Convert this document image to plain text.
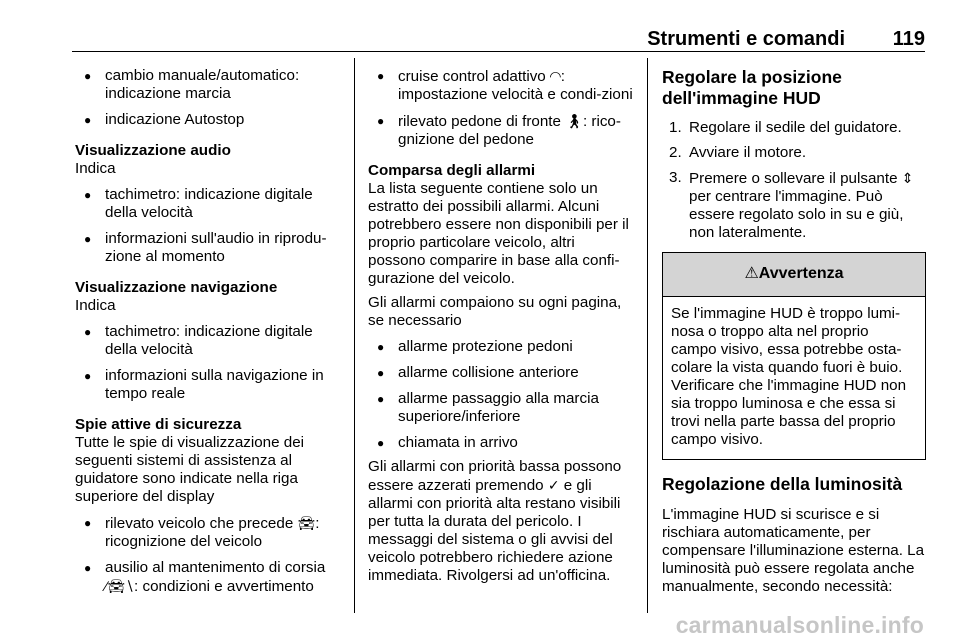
Strumenti e comandi 119
● cambio manuale/automatico: indicazione marcia
● indicazione Autostop
Visualizzazione audio
Indica
● tachimetro: indicazione digitale della velocità
● informazioni sull'audio in riprodu-zione al momento
Visualizzazione navigazione
Indica
● tachimetro: indicazione digitale della velocità
● informazioni sulla navigazione in tempo reale
Spie attive di sicurezza
Tutte le spie di visualizzazione dei seguenti sistemi di assistenza al guidatore sono indicate nella riga superiore del display
● rilevato veicolo che precede 🚘︎: ricognizione del veicolo
● ausilio al mantenimento di corsia ∕🚘︎∖: condizioni e avvertimento
● cruise control adattivo ◜◝: impostazione velocità e condi-zioni
● rilevato pedone di fronte 🚶︎: rico-gnizione del pedone
Comparsa degli allarmi
La lista seguente contiene solo un estratto dei possibili allarmi. Alcuni potrebbero essere non disponibili per il proprio particolare veicolo, altri possono comparire in base alla confi-gurazione del veicolo.
Gli allarmi compaiono su ogni pagina, se necessario
● allarme protezione pedoni
● allarme collisione anteriore
● allarme passaggio alla marcia superiore/inferiore
● chiamata in arrivo
Gli allarmi con priorità bassa possono essere azzerati premendo ✓ e gli allarmi con priorità alta restano visibili per tutta la durata del pericolo. I messaggi del sistema o gli avvisi del veicolo potrebbero richiedere azione immediata. Rivolgersi ad un'officina.
Regolare la posizione dell'immagine HUD
1. Regolare il sedile del guidatore.
2. Avviare il motore.
3. Premere o sollevare il pulsante ⇕ per centrare l'immagine. Può essere regolato solo in su e giù, non lateralmente.
⚠Avvertenza
Se l'immagine HUD è troppo lumi-nosa o troppo alta nel proprio campo visivo, essa potrebbe osta-colare la vista quando fuori è buio. Verificare che l'immagine HUD non sia troppo luminosa e che essa si trovi nella parte bassa del proprio campo visivo.
Regolazione della luminosità
L'immagine HUD si scurisce e si rischiara automaticamente, per compensare l'illuminazione esterna. La luminosità può essere regolata anche manualmente, secondo necessità:
carmanualsonline.info
